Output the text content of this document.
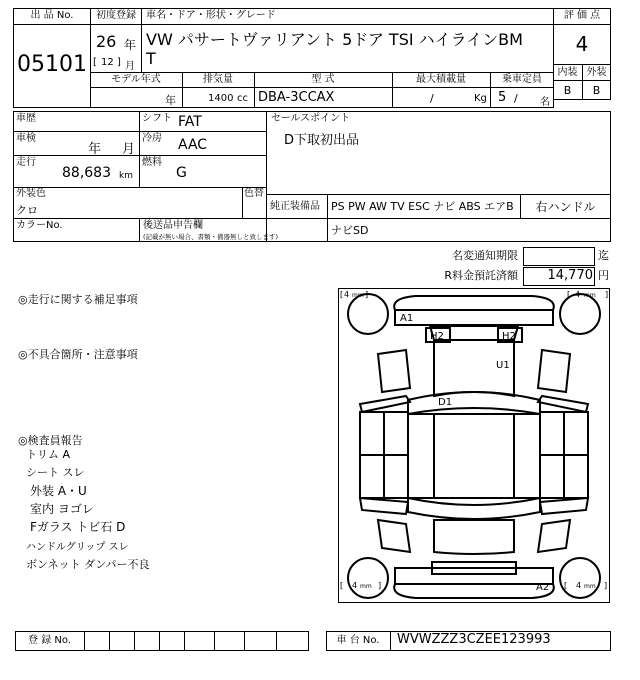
出 品 No.
05101
初度登録
26 年
[ 12 ] 月
車名・ドア・形状・グレード
VW パサートヴァリアント 5ドア TSI ハイラインBM
T
評 価 点
4
内装 外装
B	B
モデル年式	排気量	型 式	最大積載量	乗車定員
年	1400 cc DBA-3CCAX	/	Kg 5 / 名
車歴	シフト FAT	セールスポイント
D下取初出品
車検
年 月
冷房 AAC
走行
88,683 km
燃料
G
外装色
クロ
色替
純正装備品 PS PW AW TV ESC ナビ ABS エアB	右ハンドル
カラーNo.	後送品申告欄
(記載が無い場合、書類・備器無しと致します)	ナビSD
名変通知期限	迄
R料金預託済額	14,770 円
◎走行に関する補足事項
◎不具合箇所・注意事項
◎検査員報告
トリム A
シート スレ
外装 A・U
室内 ヨゴレ
Fガラス トビ石 D
ハンドルグリップ スレ
ボンネット ダンパー不良
[ 4 mm ]	[ 4 mm ]
[ 4 mm ]	[ 4 mm ]
A1
H2	H2
U1
D1
A2
登 録 No.	車 台 No.	WVWZZZ3CZEE123993
